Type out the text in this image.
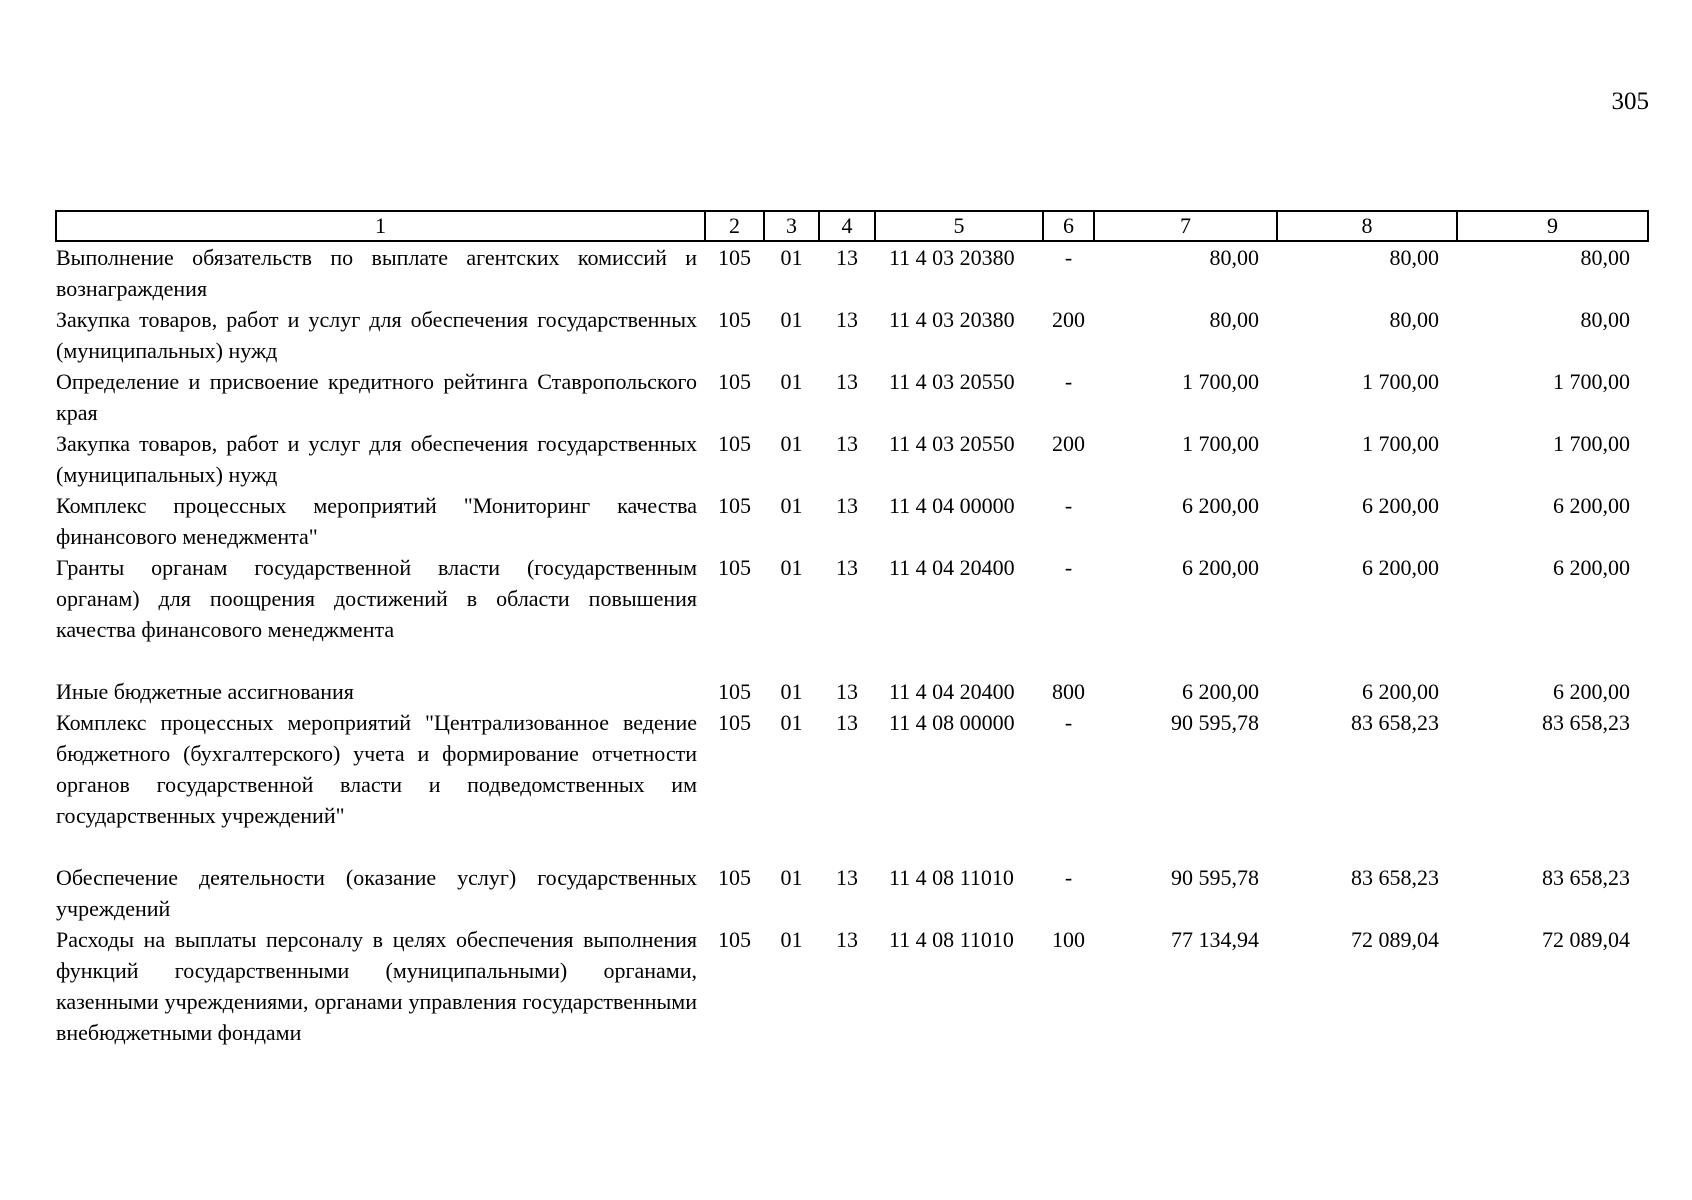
305
1	2	3	4	5	6	7	8	9
Выполнение обязательств по выплате агентских комиссий и вознаграждения	105	01	13	11 4 03 20380	-	80,00	80,00	80,00
Закупка товаров, работ и услуг для обеспечения государственных (муниципальных) нужд	105	01	13	11 4 03 20380	200	80,00	80,00	80,00
Определение и присвоение кредитного рейтинга Ставропольского края	105	01	13	11 4 03 20550	-	1 700,00	1 700,00	1 700,00
Закупка товаров, работ и услуг для обеспечения государственных (муниципальных) нужд	105	01	13	11 4 03 20550	200	1 700,00	1 700,00	1 700,00
Комплекс процессных мероприятий "Мониторинг качества финансового менеджмента"	105	01	13	11 4 04 00000	-	6 200,00	6 200,00	6 200,00
Гранты органам государственной власти (государственным органам) для поощрения достижений в области повышения качества финансового менеджмента	105	01	13	11 4 04 20400	-	6 200,00	6 200,00	6 200,00

Иные бюджетные ассигнования	105	01	13	11 4 04 20400	800	6 200,00	6 200,00	6 200,00
Комплекс процессных мероприятий "Централизованное ведение бюджетного (бухгалтерского) учета и формирование отчетности органов государственной власти и подведомственных им государственных учреждений"	105	01	13	11 4 08 00000	-	90 595,78	83 658,23	83 658,23

Обеспечение деятельности (оказание услуг) государственных учреждений	105	01	13	11 4 08 11010	-	90 595,78	83 658,23	83 658,23
Расходы на выплаты персоналу в целях обеспечения выполнения функций государственными (муниципальными) органами, казенными учреждениями, органами управления государственными внебюджетными фондами	105	01	13	11 4 08 11010	100	77 134,94	72 089,04	72 089,04
